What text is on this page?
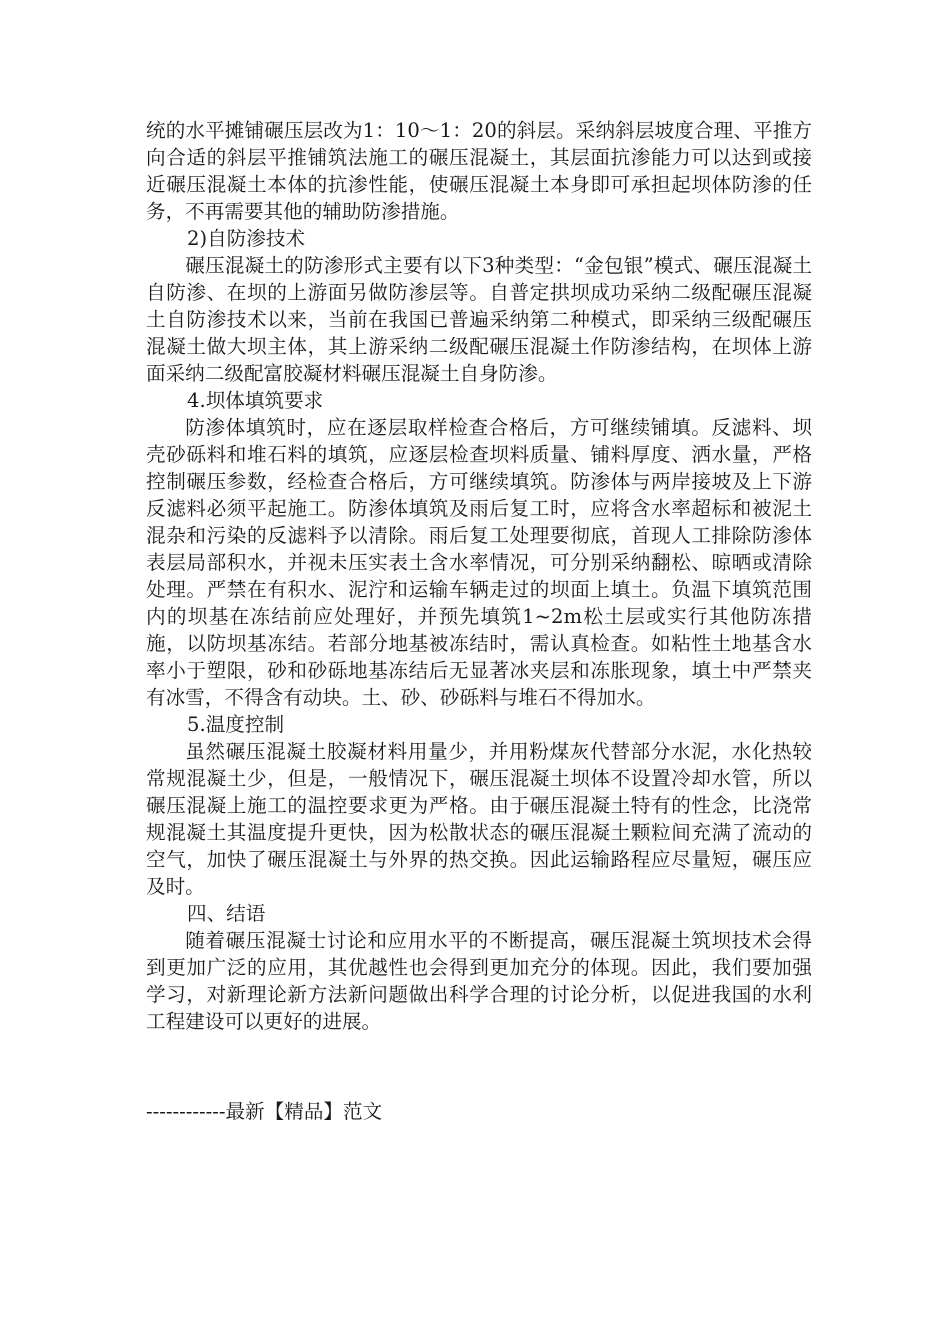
统的水平摊铺碾压层改为1：10～1：20的斜层。采纳斜层坡度合理、平推方向合适的斜层平推铺筑法施工的碾压混凝土，其层面抗渗能力可以达到或接近碾压混凝土本体的抗渗性能，使碾压混凝土本身即可承担起坝体防渗的任务，不再需要其他的辅助防渗措施。

2)自防渗技术

碾压混凝土的防渗形式主要有以下3种类型：“金包银”模式、碾压混凝土自防渗、在坝的上游面另做防渗层等。自普定拱坝成功采纳二级配碾压混凝土自防渗技术以来，当前在我国已普遍采纳第二种模式，即采纳三级配碾压混凝土做大坝主体，其上游采纳二级配碾压混凝土作防渗结构，在坝体上游面采纳二级配富胶凝材料碾压混凝土自身防渗。

4.坝体填筑要求

防渗体填筑时，应在逐层取样检查合格后，方可继续铺填。反滤料、坝壳砂砾料和堆石料的填筑，应逐层检查坝料质量、铺料厚度、洒水量，严格控制碾压参数，经检查合格后，方可继续填筑。防渗体与两岸接坡及上下游反滤料必须平起施工。防渗体填筑及雨后复工时，应将含水率超标和被泥土混杂和污染的反滤料予以清除。雨后复工处理要彻底，首现人工排除防渗体表层局部积水，并视未压实表土含水率情况，可分别采纳翻松、晾晒或清除处理。严禁在有积水、泥泞和运输车辆走过的坝面上填土。负温下填筑范围内的坝基在冻结前应处理好，并预先填筑1~2m松土层或实行其他防冻措施，以防坝基冻结。若部分地基被冻结时，需认真检查。如粘性土地基含水率小于塑限，砂和砂砾地基冻结后无显著冰夹层和冻胀现象，填土中严禁夹有冰雪，不得含有动块。土、砂、砂砾料与堆石不得加水。

5.温度控制

虽然碾压混凝土胶凝材料用量少，并用粉煤灰代替部分水泥，水化热较常规混凝土少，但是，一般情况下，碾压混凝土坝体不设置冷却水管，所以碾压混凝上施工的温控要求更为严格。由于碾压混凝土特有的性念，比浇常规混凝土其温度提升更快，因为松散状态的碾压混凝土颗粒间充满了流动的空气，加快了碾压混凝土与外界的热交换。因此运输路程应尽量短，碾压应及时。

四、结语

随着碾压混凝士讨论和应用水平的不断提高，碾压混凝土筑坝技术会得到更加广泛的应用，其优越性也会得到更加充分的体现。因此，我们要加强学习，对新理论新方法新问题做出科学合理的讨论分析，以促进我国的水利工程建设可以更好的进展。

------------最新【精品】范文
